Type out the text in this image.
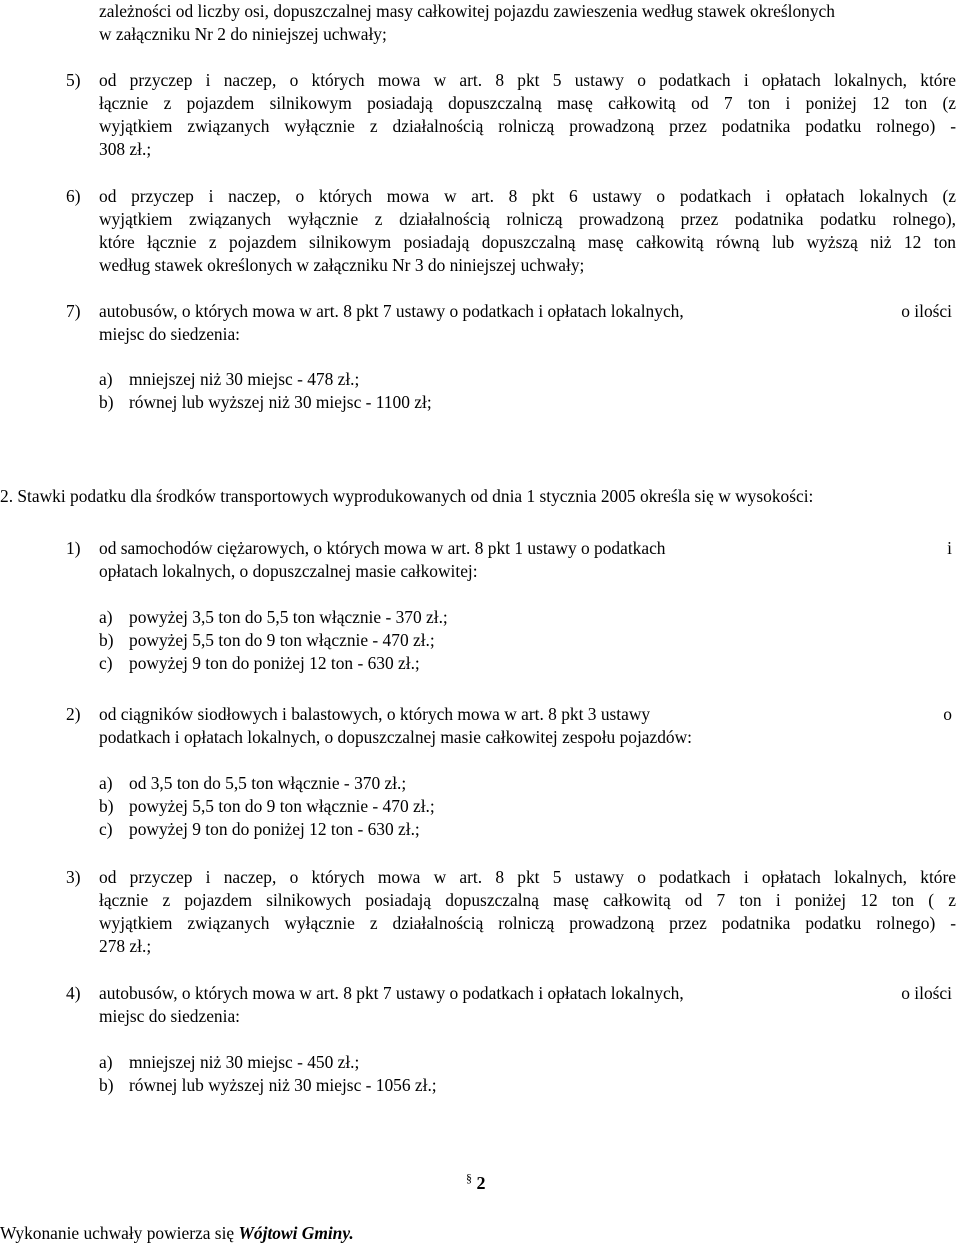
zależności od liczby osi, dopuszczalnej masy całkowitej pojazdu zawieszenia według stawek określonych
w załączniku Nr 2 do niniejszej uchwały;
5) od przyczep i naczep, o których mowa w art. 8 pkt 5 ustawy o podatkach i opłatach lokalnych, które
łącznie z pojazdem silnikowym posiadają dopuszczalną masę całkowitą od 7 ton i poniżej 12 ton (z
wyjątkiem związanych wyłącznie z działalnością rolniczą prowadzoną przez podatnika podatku rolnego) -
308 zł.;
6) od przyczep i naczep, o których mowa w art. 8 pkt 6 ustawy o podatkach i opłatach lokalnych (z
wyjątkiem związanych wyłącznie z działalnością rolniczą prowadzoną przez podatnika podatku rolnego),
które łącznie z pojazdem silnikowym posiadają dopuszczalną masę całkowitą równą lub wyższą niż 12 ton
według stawek określonych w załączniku Nr 3 do niniejszej uchwały;
7) autobusów, o których mowa w art. 8 pkt 7 ustawy o podatkach i opłatach lokalnych,	o ilości
miejsc do siedzenia:
a) mniejszej niż 30 miejsc - 478 zł.;
b) równej lub wyższej niż 30 miejsc - 1100 zł;
2. Stawki podatku dla środków transportowych wyprodukowanych od dnia 1 stycznia 2005 określa się w wysokości:
1) od samochodów ciężarowych, o których mowa w art. 8 pkt 1 ustawy o podatkach	i
opłatach lokalnych, o dopuszczalnej masie całkowitej:
a) powyżej 3,5 ton do 5,5 ton włącznie - 370 zł.;
b) powyżej 5,5 ton do 9 ton włącznie - 470 zł.;
c) powyżej 9 ton do poniżej 12 ton - 630 zł.;
2) od ciągników siodłowych i balastowych, o których mowa w art. 8 pkt 3 ustawy	o
podatkach i opłatach lokalnych, o dopuszczalnej masie całkowitej zespołu pojazdów:
a) od 3,5 ton do 5,5 ton włącznie - 370 zł.;
b) powyżej 5,5 ton do 9 ton włącznie - 470 zł.;
c) powyżej 9 ton do poniżej 12 ton - 630 zł.;
3) od przyczep i naczep, o których mowa w art. 8 pkt 5 ustawy o podatkach i opłatach lokalnych, które
łącznie z pojazdem silnikowych posiadają dopuszczalną masę całkowitą od 7 ton i poniżej 12 ton ( z
wyjątkiem związanych wyłącznie z działalnością rolniczą prowadzoną przez podatnika podatku rolnego) -
278 zł.;
4) autobusów, o których mowa w art. 8 pkt 7 ustawy o podatkach i opłatach lokalnych,	o ilości
miejsc do siedzenia:
a) mniejszej niż 30 miejsc - 450 zł.;
b) równej lub wyższej niż 30 miejsc - 1056 zł.;
§ 2
Wykonanie uchwały powierza się Wójtowi Gminy.
